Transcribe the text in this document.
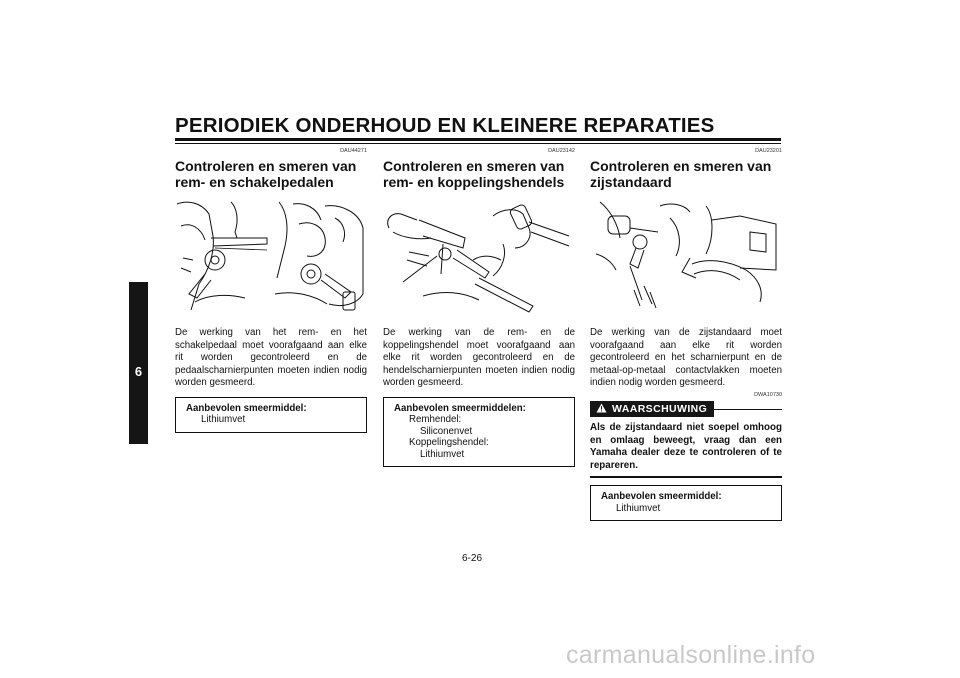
PERIODIEK ONDERHOUD EN KLEINERE REPARATIES
6
DAU44271
Controleren en smeren van rem- en schakelpedalen
De werking van het rem- en het schakelpedaal moet voorafgaand aan elke rit worden gecontroleerd en de pedaalscharnierpunten moeten indien nodig worden gesmeerd.
Aanbevolen smeermiddel:
Lithiumvet
DAU23142
Controleren en smeren van rem- en koppelingshendels
De werking van de rem- en de koppelingshendel moet voorafgaand aan elke rit worden gecontroleerd en de hendelscharnierpunten moeten indien nodig worden gesmeerd.
Aanbevolen smeermiddelen:
Remhendel:
Siliconenvet
Koppelingshendel:
Lithiumvet
DAU23201
Controleren en smeren van zijstandaard
De werking van de zijstandaard moet voorafgaand aan elke rit worden gecontroleerd en het scharnierpunt en de metaal-op-metaal contactvlakken moeten indien nodig worden gesmeerd.
DWA10730
WAARSCHUWING
Als de zijstandaard niet soepel omhoog en omlaag beweegt, vraag dan een Yamaha dealer deze te controleren of te repareren.
Aanbevolen smeermiddel:
Lithiumvet
6-26
carmanualsonline.info
